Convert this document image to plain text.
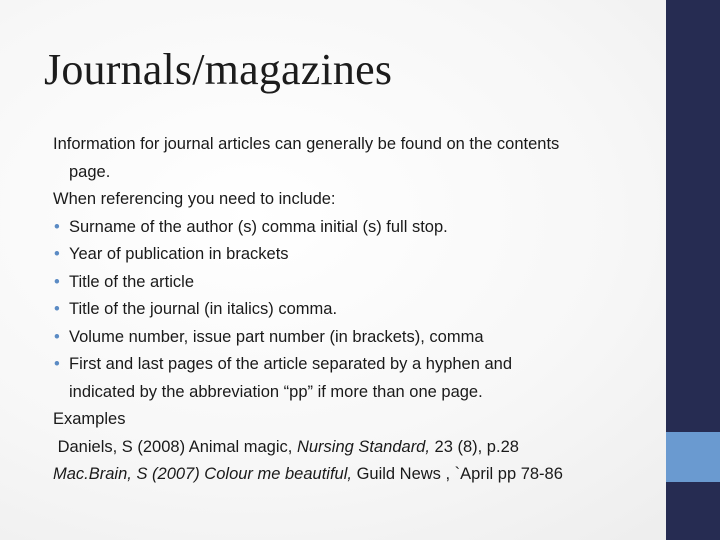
Journals/magazines
Information for journal articles can generally be found on the contents
page.
When referencing you need to include:
• Surname of the author (s) comma initial (s) full stop.
• Year of publication in brackets
• Title of the article
• Title of the journal (in italics) comma.
• Volume number, issue part number (in brackets), comma
• First and last pages of the article separated by a hyphen and
indicated by the abbreviation “pp” if more than one page.
Examples
Daniels, S (2008) Animal magic, Nursing Standard, 23 (8), p.28
Mac.Brain, S (2007) Colour me beautiful, Guild News , `April pp 78-86
